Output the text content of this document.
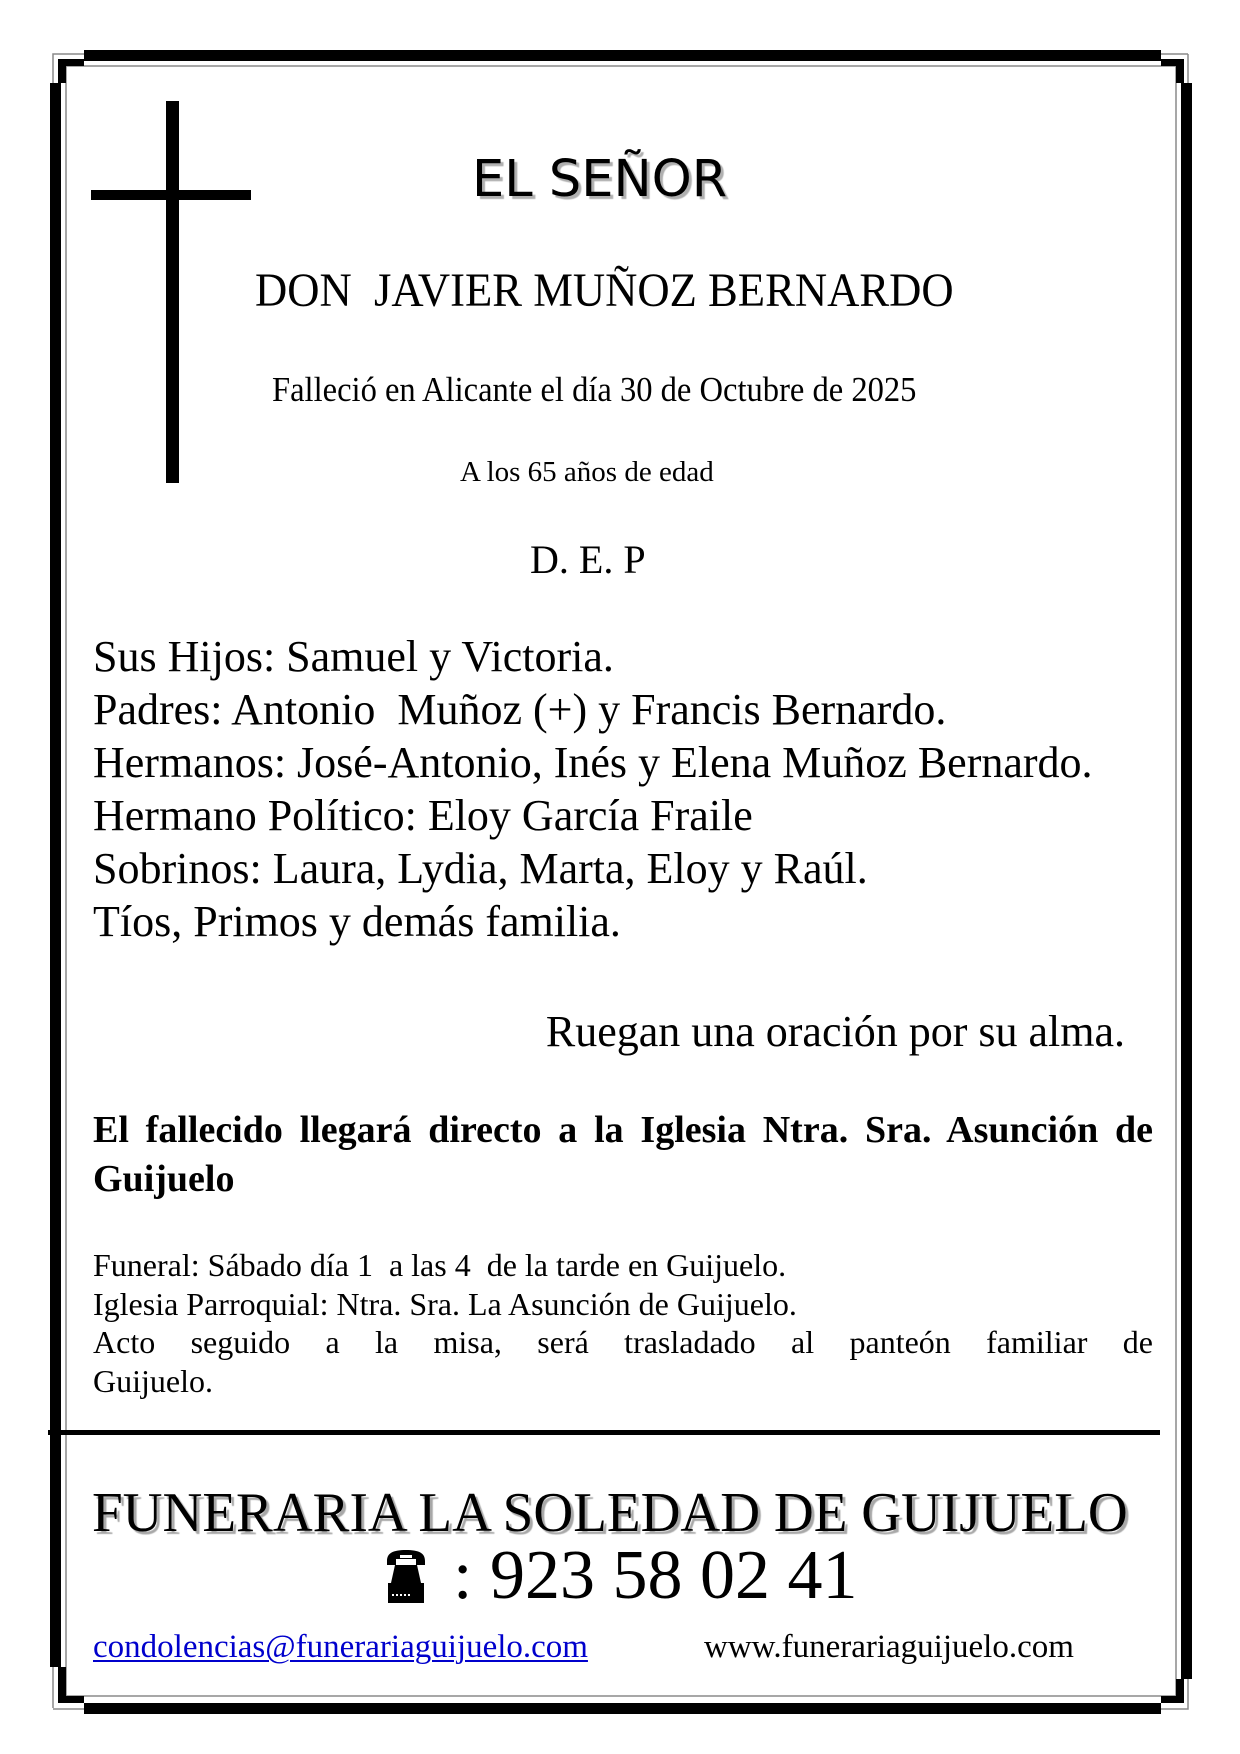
EL SEÑOR
DON  JAVIER MUÑOZ BERNARDO
Falleció en Alicante el día 30 de Octubre de 2025
A los 65 años de edad
D. E. P
Sus Hijos: Samuel y Victoria.
Padres: Antonio  Muñoz (+) y Francis Bernardo.
Hermanos: José-Antonio, Inés y Elena Muñoz Bernardo.
Hermano Político: Eloy García Fraile
Sobrinos: Laura, Lydia, Marta, Eloy y Raúl.
Tíos, Primos y demás familia.
Ruegan una oración por su alma.
El fallecido llegará directo a la Iglesia Ntra. Sra. Asunción de Guijuelo
Funeral: Sábado día 1  a las 4  de la tarde en Guijuelo.
Iglesia Parroquial: Ntra. Sra. La Asunción de Guijuelo.
Acto seguido a la misa, será trasladado al panteón familiar de
Guijuelo.
FUNERARIA LA SOLEDAD DE GUIJUELO
: 923 58 02 41
condolencias@funerariaguijuelo.com	www.funerariaguijuelo.com
